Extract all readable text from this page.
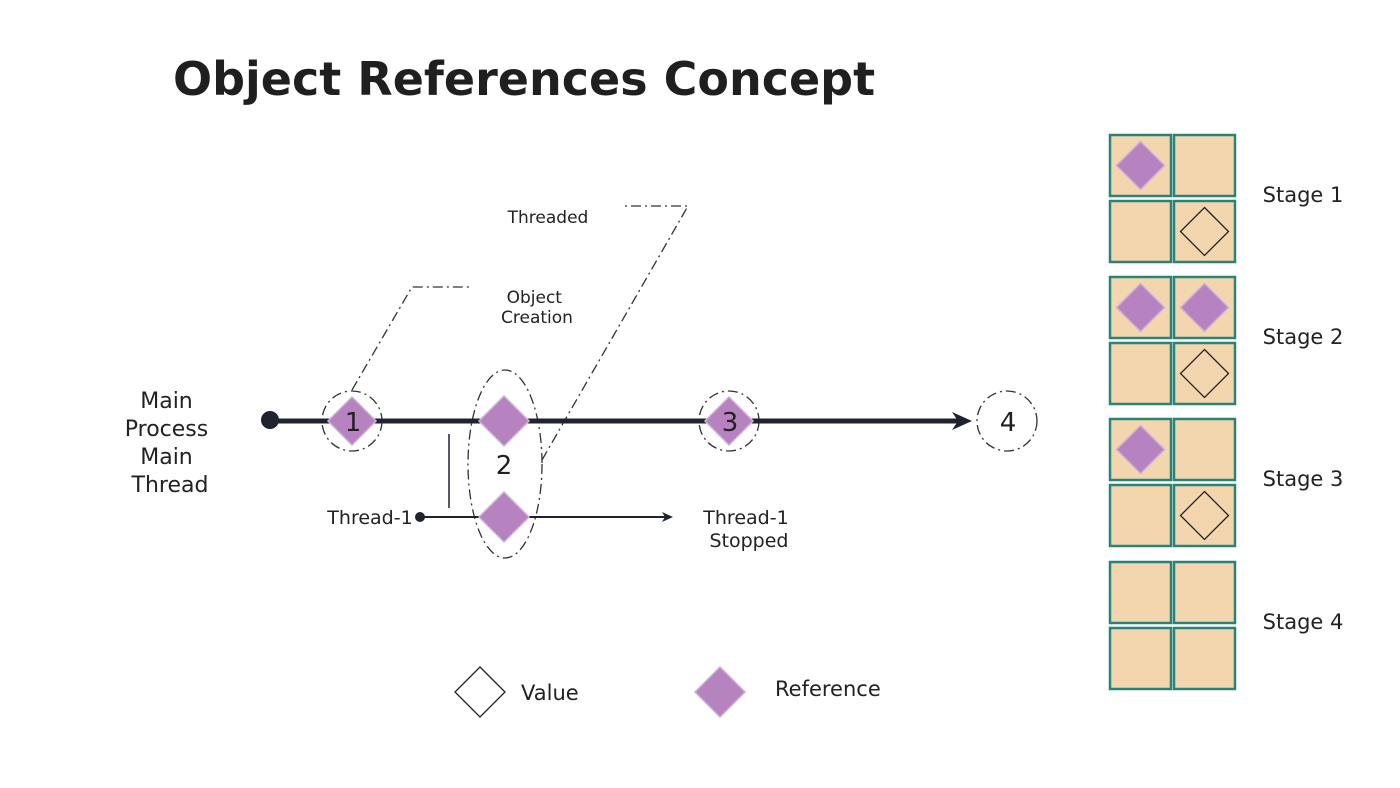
Object References Concept
Main Process Main Thread
Threaded
Object Creation
Thread-1	Thread-1 Stopped
1
2
3	4
Value	Reference
Stage 1
Stage 2
Stage 3
Stage 4
